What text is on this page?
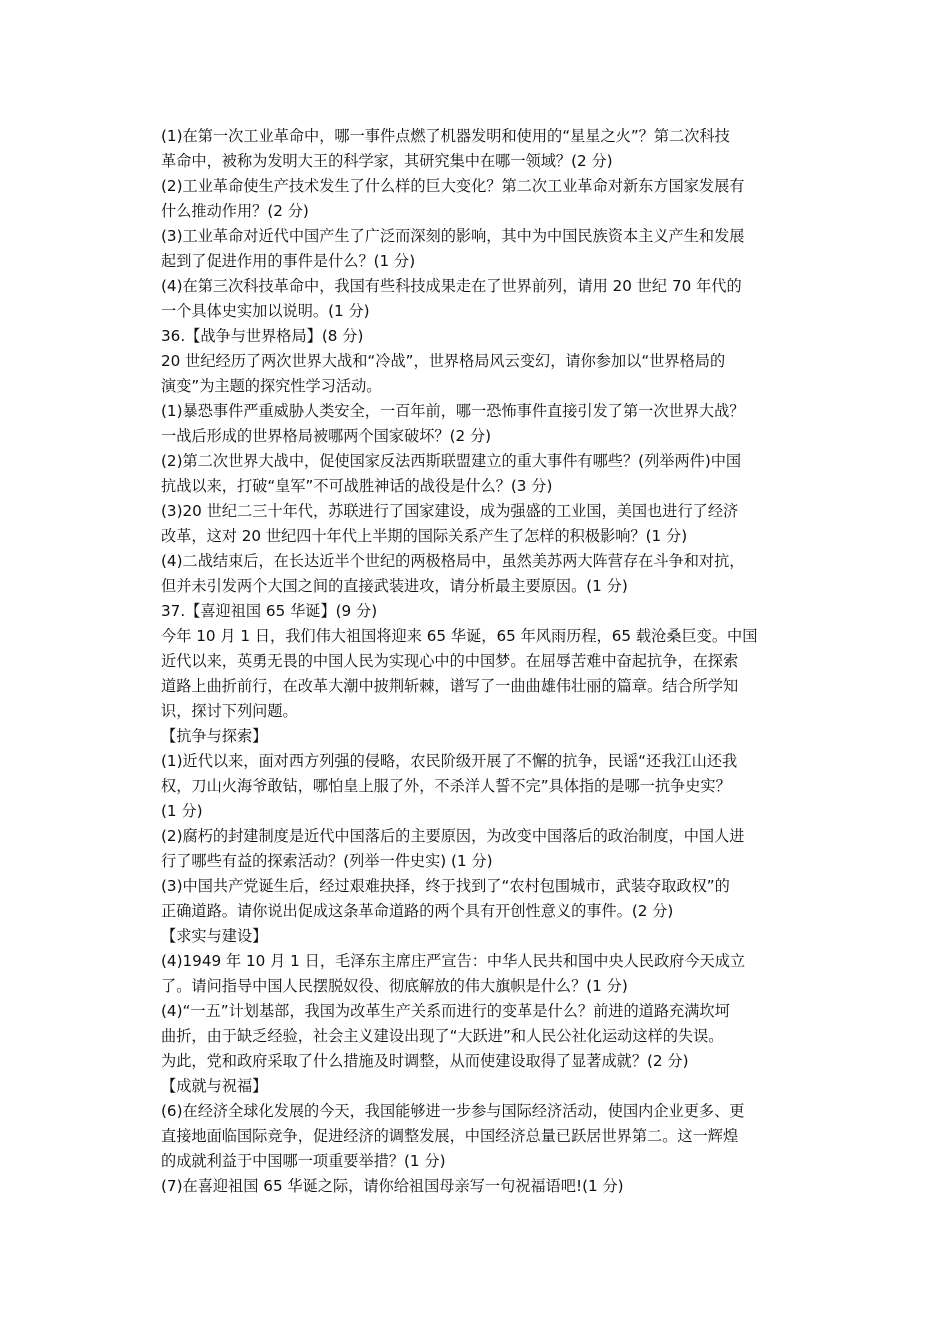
(1)在第一次工业革命中，哪一事件点燃了机器发明和使用的“星星之火”？第二次科技
革命中，被称为发明大王的科学家，其研究集中在哪一领域？(2 分)
(2)工业革命使生产技术发生了什么样的巨大变化？第二次工业革命对新东方国家发展有
什么推动作用？(2 分)
(3)工业革命对近代中国产生了广泛而深刻的影响，其中为中国民族资本主义产生和发展
起到了促进作用的事件是什么？(1 分)
(4)在第三次科技革命中，我国有些科技成果走在了世界前列，请用 20 世纪 70 年代的
一个具体史实加以说明。(1 分)
36.【战争与世界格局】(8 分)
20 世纪经历了两次世界大战和“冷战”，世界格局风云变幻，请你参加以“世界格局的
演变”为主题的探究性学习活动。
(1)暴恐事件严重威胁人类安全，一百年前，哪一恐怖事件直接引发了第一次世界大战？
一战后形成的世界格局被哪两个国家破坏？(2 分)
(2)第二次世界大战中，促使国家反法西斯联盟建立的重大事件有哪些？(列举两件)中国
抗战以来，打破“皇军”不可战胜神话的战役是什么？(3 分)
(3)20 世纪二三十年代，苏联进行了国家建设，成为强盛的工业国，美国也进行了经济
改革，这对 20 世纪四十年代上半期的国际关系产生了怎样的积极影响？(1 分)
(4)二战结束后，在长达近半个世纪的两极格局中，虽然美苏两大阵营存在斗争和对抗，
但并未引发两个大国之间的直接武装进攻，请分析最主要原因。(1 分)
37.【喜迎祖国 65 华诞】(9 分)
今年 10 月 1 日，我们伟大祖国将迎来 65 华诞，65 年风雨历程，65 载沧桑巨变。中国
近代以来，英勇无畏的中国人民为实现心中的中国梦。在屈辱苦难中奋起抗争，在探索
道路上曲折前行，在改革大潮中披荆斩棘，谱写了一曲曲雄伟壮丽的篇章。结合所学知
识，探讨下列问题。
【抗争与探索】
(1)近代以来，面对西方列强的侵略，农民阶级开展了不懈的抗争，民谣“还我江山还我
权，刀山火海爷敢钻，哪怕皇上服了外，不杀洋人誓不完”具体指的是哪一抗争史实？
(1 分)
(2)腐朽的封建制度是近代中国落后的主要原因，为改变中国落后的政治制度，中国人进
行了哪些有益的探索活动？(列举一件史实) (1 分)
(3)中国共产党诞生后，经过艰难抉择，终于找到了“农村包围城市，武装夺取政权”的
正确道路。请你说出促成这条革命道路的两个具有开创性意义的事件。(2 分)
【求实与建设】
(4)1949 年 10 月 1 日，毛泽东主席庄严宣告：中华人民共和国中央人民政府今天成立
了。请问指导中国人民摆脱奴役、彻底解放的伟大旗帜是什么？(1 分)
(4)“一五”计划基部，我国为改革生产关系而进行的变革是什么？前进的道路充满坎坷
曲折，由于缺乏经验，社会主义建设出现了“大跃进”和人民公社化运动这样的失误。
为此，党和政府采取了什么措施及时调整，从而使建设取得了显著成就？(2 分)
【成就与祝福】
(6)在经济全球化发展的今天，我国能够进一步参与国际经济活动，使国内企业更多、更
直接地面临国际竞争，促进经济的调整发展，中国经济总量已跃居世界第二。这一辉煌
的成就利益于中国哪一项重要举措？(1 分)
(7)在喜迎祖国 65 华诞之际，请你给祖国母亲写一句祝福语吧!(1 分)
